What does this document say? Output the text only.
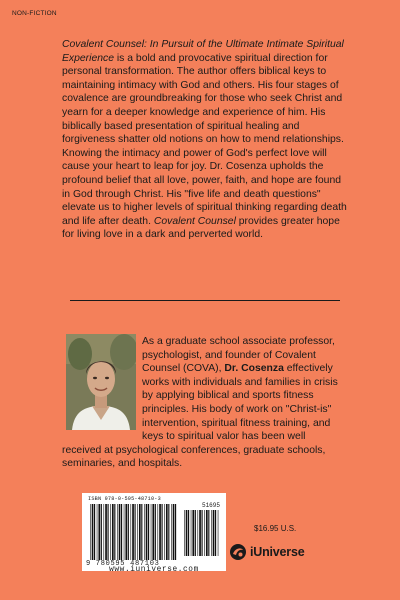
NON-FICTION
Covalent Counsel: In Pursuit of the Ultimate Intimate Spiritual Experience is a bold and provocative spiritual direction for personal transformation. The author offers biblical keys to maintaining intimacy with God and others. His four stages of covalence are groundbreaking for those who seek Christ and yearn for a deeper knowledge and experience of him. His biblically based presentation of spiritual healing and forgiveness shatter old notions on how to mend relationships. Knowing the intimacy and power of God's perfect love will cause your heart to leap for joy. Dr. Cosenza upholds the profound belief that all love, power, faith, and hope are found in God through Christ. His "five life and death questions" elevate us to higher levels of spiritual thinking regarding death and life after death. Covalent Counsel provides greater hope for living love in a dark and perverted world.
As a graduate school associate professor, psychologist, and founder of Covalent Counsel (COVA), Dr. Cosenza effectively works with individuals and families in crisis by applying biblical and sports fitness principles. His body of work on "Christ-is" intervention, spiritual fitness training, and keys to spiritual valor has been well received at psychological conferences, graduate schools, seminaries, and hospitals.
ISBN 978-0-595-48710-3
51695
9 780595 487103
www.iuniverse.com
$16.95 U.S.
iUniverse
